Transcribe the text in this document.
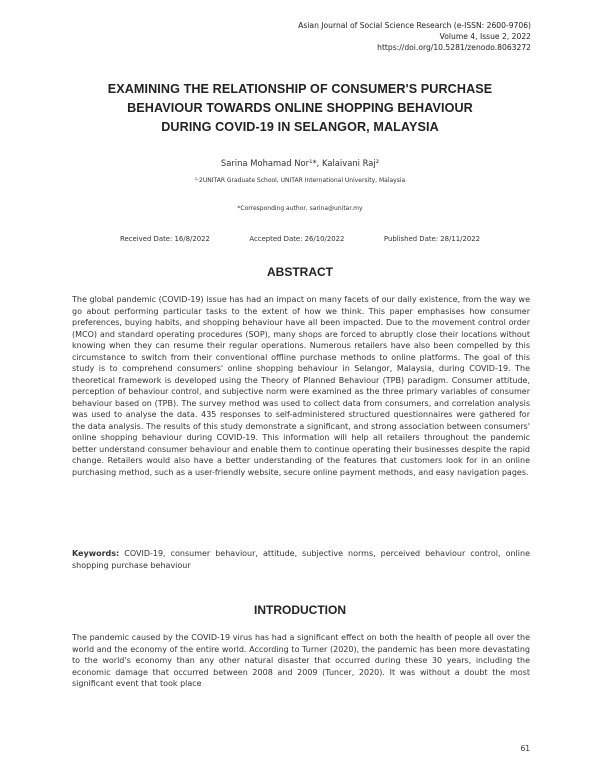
Asian Journal of Social Science Research (e-ISSN: 2600-9706)
Volume 4, Issue 2, 2022
https://doi.org/10.5281/zenodo.8063272
EXAMINING THE RELATIONSHIP OF CONSUMER'S PURCHASE
BEHAVIOUR TOWARDS ONLINE SHOPPING BEHAVIOUR
DURING COVID-19 IN SELANGOR, MALAYSIA
Sarina Mohamad Nor¹*, Kalaivani Raj²
¹˒2UNITAR Graduate School, UNITAR International University, Malaysia
*Corresponding author, sarina@unitar.my
Received Date: 16/8/2022	Accepted Date: 26/10/2022	Published Date: 28/11/2022
ABSTRACT
The global pandemic (COVID-19) issue has had an impact on many facets of our daily existence, from the way we go about performing particular tasks to the extent of how we think. This paper emphasises how consumer preferences, buying habits, and shopping behaviour have all been impacted. Due to the movement control order (MCO) and standard operating procedures (SOP), many shops are forced to abruptly close their locations without knowing when they can resume their regular operations. Numerous retailers have also been compelled by this circumstance to switch from their conventional offline purchase methods to online platforms. The goal of this study is to comprehend consumers' online shopping behaviour in Selangor, Malaysia, during COVID-19. The theoretical framework is developed using the Theory of Planned Behaviour (TPB) paradigm. Consumer attitude, perception of behaviour control, and subjective norm were examined as the three primary variables of consumer behaviour based on (TPB). The survey method was used to collect data from consumers, and correlation analysis was used to analyse the data. 435 responses to self-administered structured questionnaires were gathered for the data analysis. The results of this study demonstrate a significant, and strong association between consumers' online shopping behaviour during COVID-19. This information will help all retailers throughout the pandemic better understand consumer behaviour and enable them to continue operating their businesses despite the rapid change. Retailers would also have a better understanding of the features that customers look for in an online purchasing method, such as a user-friendly website, secure online payment methods, and easy navigation pages.
Keywords: COVID-19, consumer behaviour, attitude, subjective norms, perceived behaviour control, online shopping purchase behaviour
INTRODUCTION
The pandemic caused by the COVID-19 virus has had a significant effect on both the health of people all over the world and the economy of the entire world. According to Turner (2020), the pandemic has been more devastating to the world's economy than any other natural disaster that occurred during these 30 years, including the economic damage that occurred between 2008 and 2009 (Tuncer, 2020). It was without a doubt the most significant event that took place
61
